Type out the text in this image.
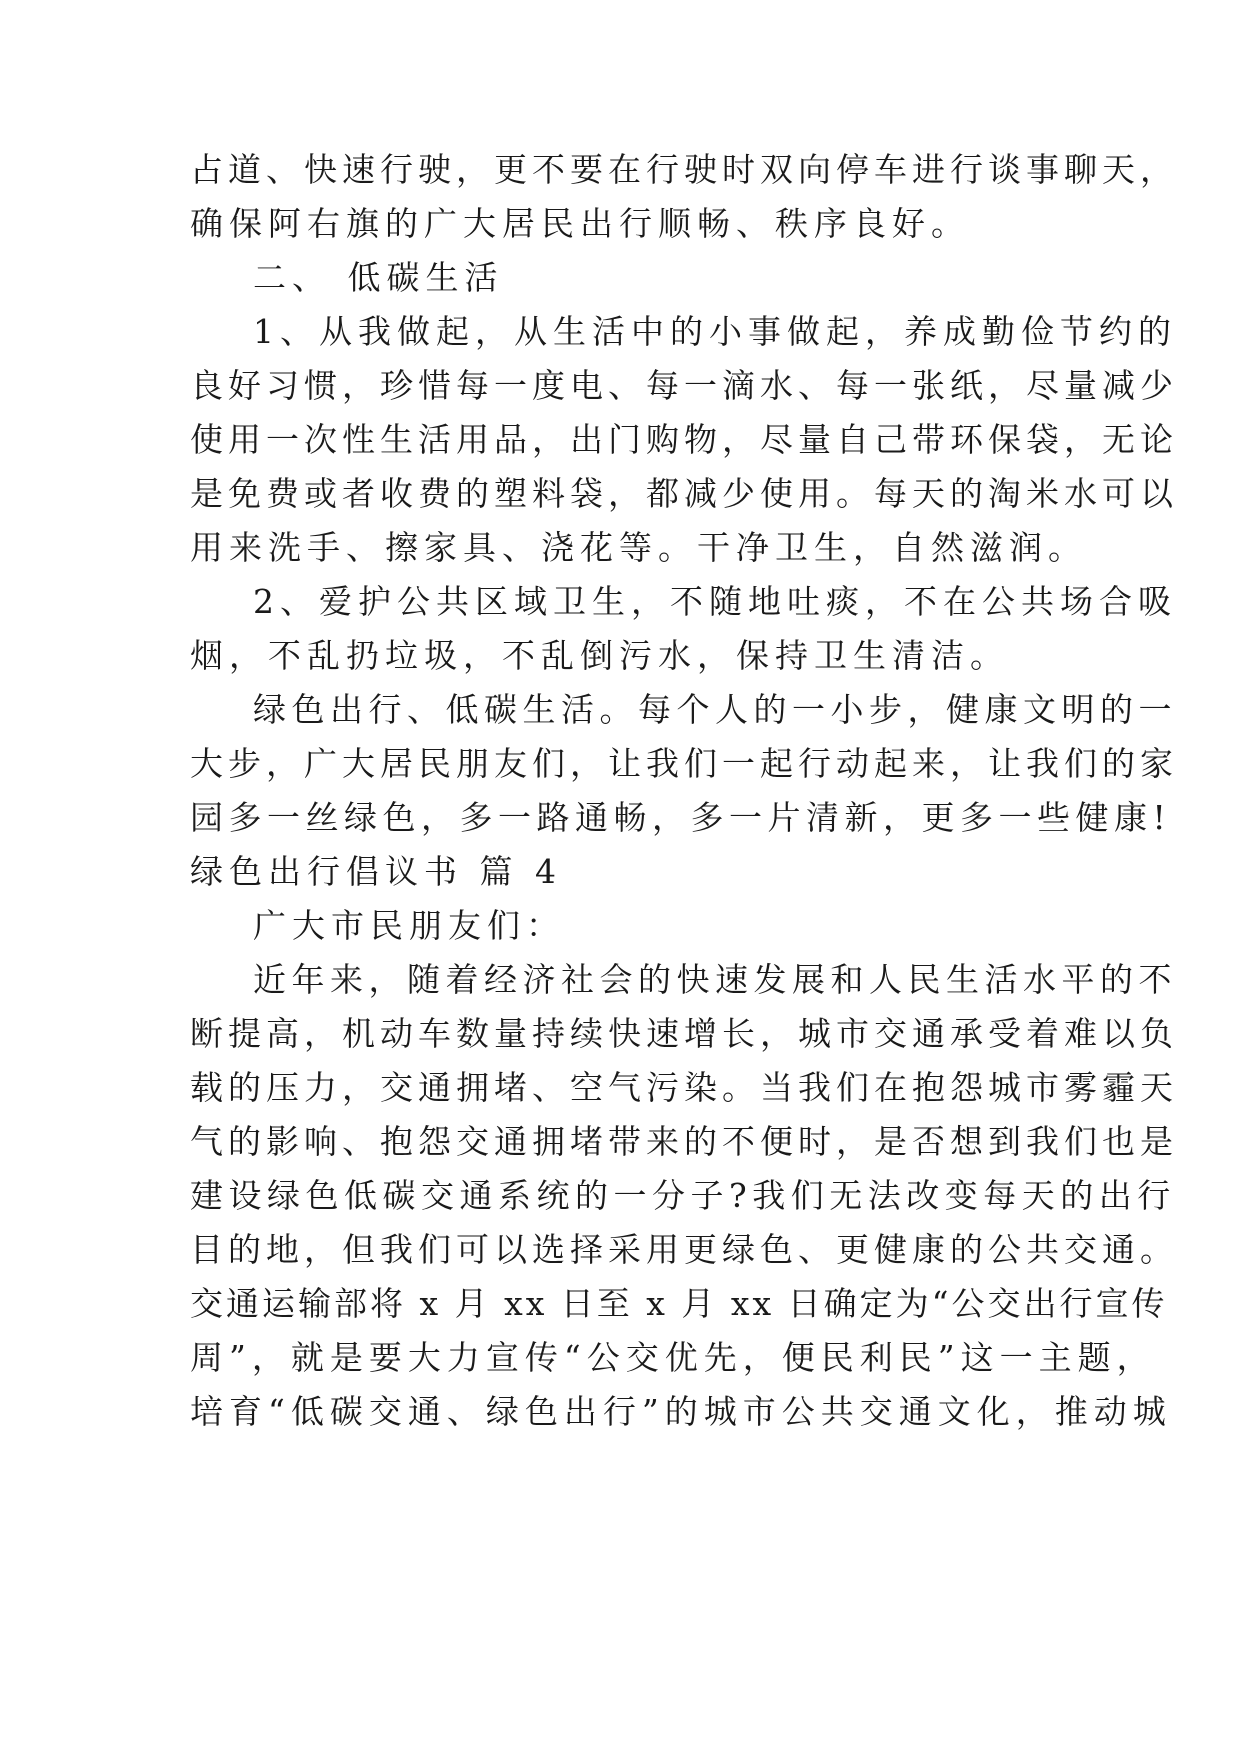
占道、快速行驶，更不要在行驶时双向停车进行谈事聊天，
确保阿右旗的广大居民出行顺畅、秩序良好。
二、 低碳生活
1、从我做起，从生活中的小事做起，养成勤俭节约的
良好习惯，珍惜每一度电、每一滴水、每一张纸，尽量减少
使用一次性生活用品，出门购物，尽量自己带环保袋，无论
是免费或者收费的塑料袋，都减少使用。每天的淘米水可以
用来洗手、擦家具、浇花等。干净卫生，自然滋润。
2、爱护公共区域卫生，不随地吐痰，不在公共场合吸
烟，不乱扔垃圾，不乱倒污水，保持卫生清洁。
绿色出行、低碳生活。每个人的一小步，健康文明的一
大步，广大居民朋友们，让我们一起行动起来，让我们的家
园多一丝绿色，多一路通畅，多一片清新，更多一些健康!
绿色出行倡议书 篇 4
广大市民朋友们：
近年来，随着经济社会的快速发展和人民生活水平的不
断提高，机动车数量持续快速增长，城市交通承受着难以负
载的压力，交通拥堵、空气污染。当我们在抱怨城市雾霾天
气的影响、抱怨交通拥堵带来的不便时，是否想到我们也是
建设绿色低碳交通系统的一分子?我们无法改变每天的出行
目的地，但我们可以选择采用更绿色、更健康的公共交通。
交通运输部将 x 月 xx 日至 x 月 xx 日确定为“公交出行宣传
周”，就是要大力宣传“公交优先，便民利民”这一主题，
培育“低碳交通、绿色出行”的城市公共交通文化，推动城
